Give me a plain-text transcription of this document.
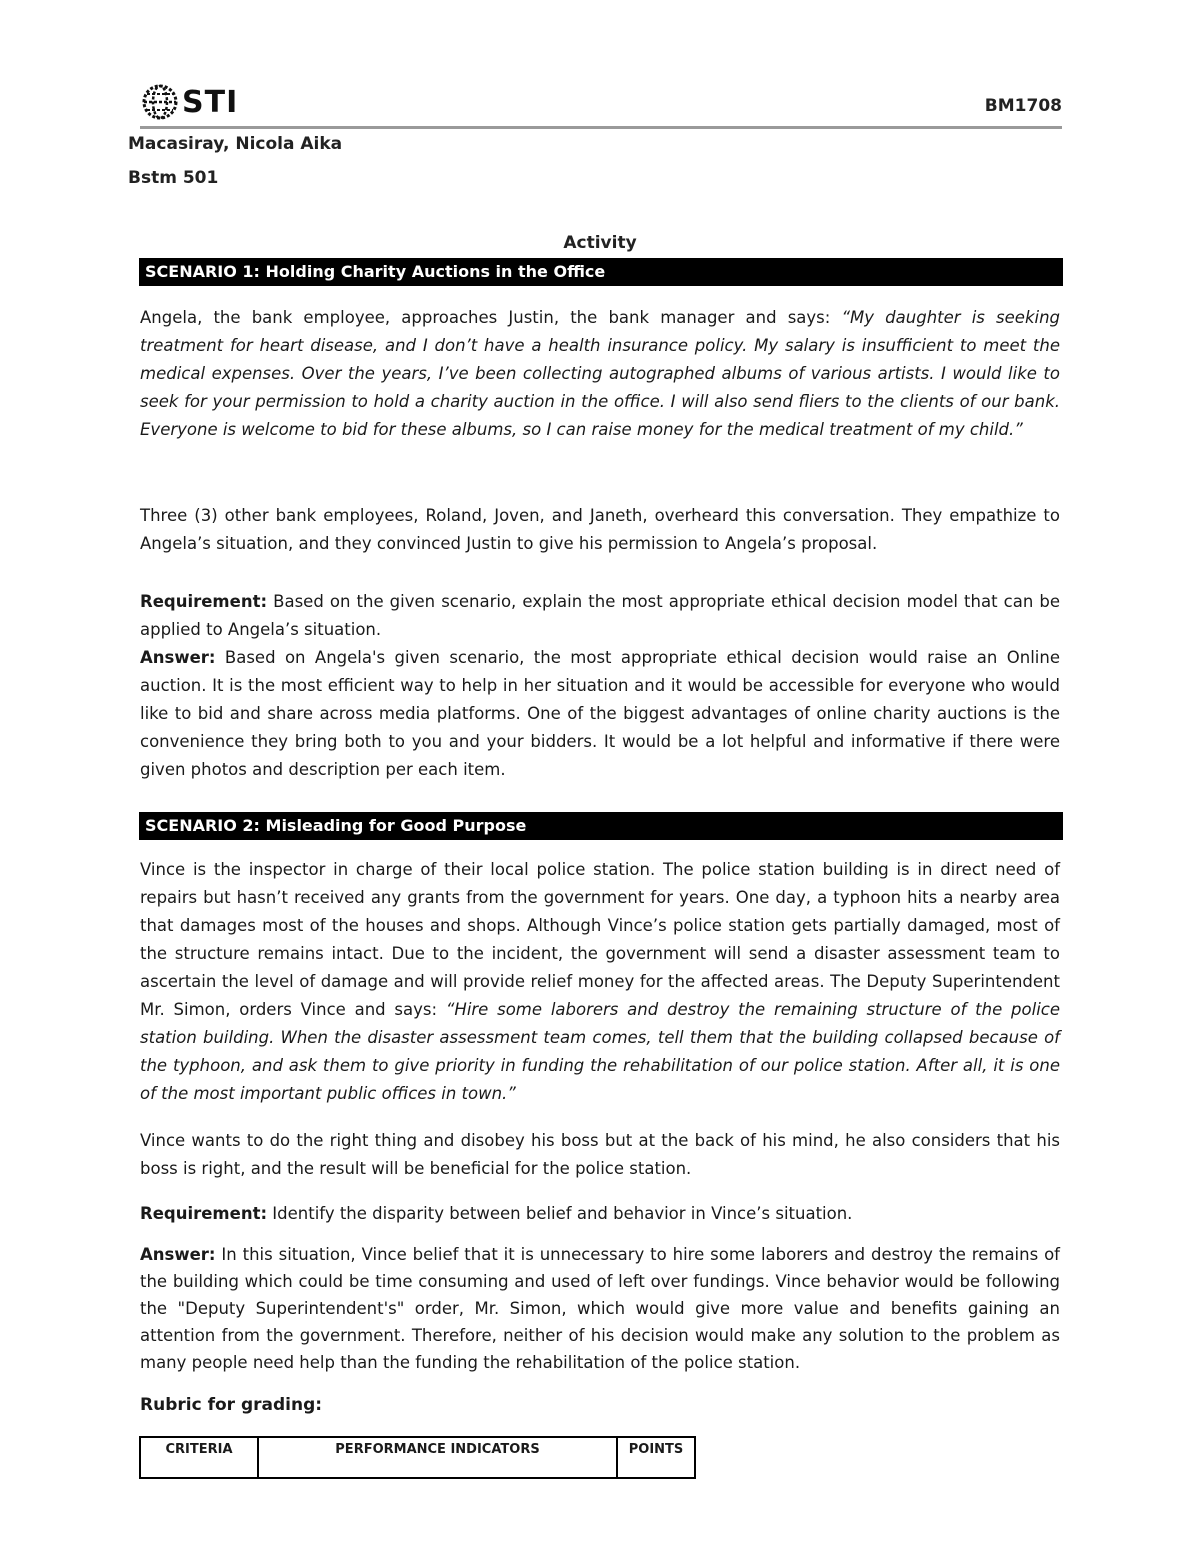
STI	BM1708
Macasiray, Nicola Aika
Bstm 501
Activity
SCENARIO 1: Holding Charity Auctions in the Office

Angela, the bank employee, approaches Justin, the bank manager and says: “My daughter is seeking treatment for heart disease, and I don’t have a health insurance policy. My salary is insufficient to meet the medical expenses. Over the years, I’ve been collecting autographed albums of various artists. I would like to seek for your permission to hold a charity auction in the office. I will also send fliers to the clients of our bank. Everyone is welcome to bid for these albums, so I can raise money for the medical treatment of my child.”

Three (3) other bank employees, Roland, Joven, and Janeth, overheard this conversation. They empathize to Angela’s situation, and they convinced Justin to give his permission to Angela’s proposal.

Requirement: Based on the given scenario, explain the most appropriate ethical decision model that can be applied to Angela’s situation.

Answer: Based on Angela's given scenario, the most appropriate ethical decision would raise an Online auction. It is the most efficient way to help in her situation and it would be accessible for everyone who would like to bid and share across media platforms. One of the biggest advantages of online charity auctions is the convenience they bring both to you and your bidders. It would be a lot helpful and informative if there were given photos and description per each item.

SCENARIO 2: Misleading for Good Purpose

Vince is the inspector in charge of their local police station. The police station building is in direct need of repairs but hasn’t received any grants from the government for years. One day, a typhoon hits a nearby area that damages most of the houses and shops. Although Vince’s police station gets partially damaged, most of the structure remains intact. Due to the incident, the government will send a disaster assessment team to ascertain the level of damage and will provide relief money for the affected areas. The Deputy Superintendent Mr. Simon, orders Vince and says: “Hire some laborers and destroy the remaining structure of the police station building. When the disaster assessment team comes, tell them that the building collapsed because of the typhoon, and ask them to give priority in funding the rehabilitation of our police station. After all, it is one of the most important public offices in town.”

Vince wants to do the right thing and disobey his boss but at the back of his mind, he also considers that his boss is right, and the result will be beneficial for the police station.

Requirement: Identify the disparity between belief and behavior in Vince’s situation.

Answer: In this situation, Vince belief that it is unnecessary to hire some laborers and destroy the remains of the building which could be time consuming and used of left over fundings. Vince behavior would be following the "Deputy Superintendent's" order, Mr. Simon, which would give more value and benefits gaining an attention from the government. Therefore, neither of his decision would make any solution to the problem as many people need help than the funding the rehabilitation of the police station.

Rubric for grading:
CRITERIA	PERFORMANCE INDICATORS	POINTS
